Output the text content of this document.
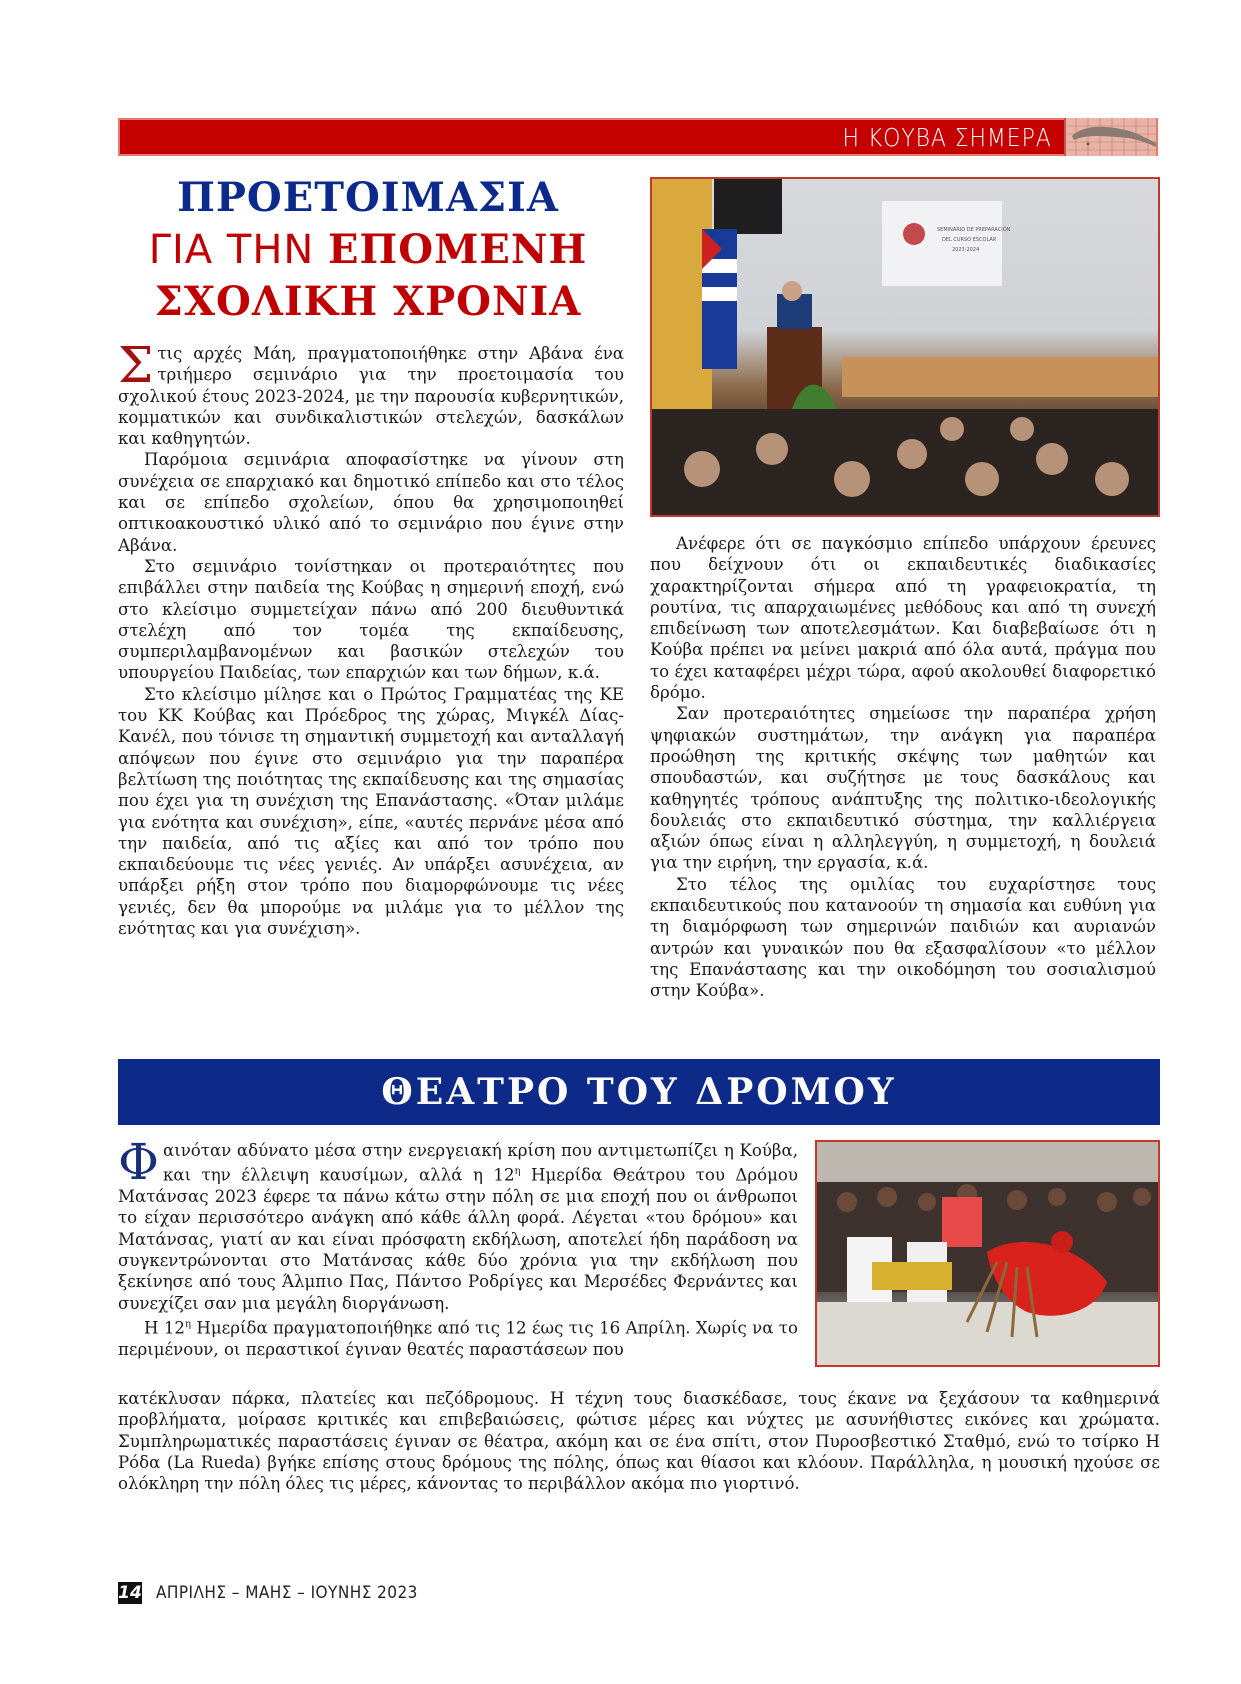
Η ΚΟΥΒΑ ΣΗΜΕΡΑ
ΠΡΟΕΤΟΙΜΑΣΙΑ
ΓΙΑ ΤΗΝ ΕΠΟΜΕΝΗ
ΣΧΟΛΙΚΗ ΧΡΟΝΙΑ
SEMINARIO DE PREPARACIÓN
DEL CURSO ESCOLAR
2023-2024

Στις αρχές Μάη, πραγματοποιήθηκε στην Αβάνα ένα τριήμερο σεμινάριο για την προετοιμασία του σχολικού έτους 2023-2024, με την παρουσία κυβερνητικών, κομματικών και συνδικαλιστικών στελεχών, δασκάλων και καθηγητών.

Παρόμοια σεμινάρια αποφασίστηκε να γίνουν στη συνέχεια σε επαρχιακό και δημοτικό επίπεδο και στο τέλος και σε επίπεδο σχολείων, όπου θα χρησιμοποιηθεί οπτικοακουστικό υλικό από το σεμινάριο που έγινε στην Αβάνα.

Στο σεμινάριο τονίστηκαν οι προτεραιότητες που επιβάλλει στην παιδεία της Κούβας η σημερινή εποχή, ενώ στο κλείσιμο συμμετείχαν πάνω από 200 διευθυντικά στελέχη από τον τομέα της εκπαίδευσης, συμπεριλαμβανομένων και βασικών στελεχών του υπουργείου Παιδείας, των επαρχιών και των δήμων, κ.ά.

Στο κλείσιμο μίλησε και ο Πρώτος Γραμματέας της ΚΕ του ΚΚ Κούβας και Πρόεδρος της χώρας, Μιγκέλ Δίας-Κανέλ, που τόνισε τη σημαντική συμμετοχή και ανταλλαγή απόψεων που έγινε στο σεμινάριο για την παραπέρα βελτίωση της ποιότητας της εκπαίδευσης και της σημασίας που έχει για τη συνέχιση της Επανάστασης. «Όταν μιλάμε για ενότητα και συνέχιση», είπε, «αυτές περνάνε μέσα από την παιδεία, από τις αξίες και από τον τρόπο που εκπαιδεύουμε τις νέες γενιές. Αν υπάρξει ασυνέχεια, αν υπάρξει ρήξη στον τρόπο που διαμορφώνουμε τις νέες γενιές, δεν θα μπορούμε να μιλάμε για το μέλλον της ενότητας και για συνέχιση».

Ανέφερε ότι σε παγκόσμιο επίπεδο υπάρχουν έρευνες που δείχνουν ότι οι εκπαιδευτικές διαδικασίες χαρακτηρίζονται σήμερα από τη γραφειοκρατία, τη ρουτίνα, τις απαρχαιωμένες μεθόδους και από τη συνεχή επιδείνωση των αποτελεσμάτων. Και διαβεβαίωσε ότι η Κούβα πρέπει να μείνει μακριά από όλα αυτά, πράγμα που το έχει καταφέρει μέχρι τώρα, αφού ακολουθεί διαφορετικό δρόμο.

Σαν προτεραιότητες σημείωσε την παραπέρα χρήση ψηφιακών συστημάτων, την ανάγκη για παραπέρα προώθηση της κριτικής σκέψης των μαθητών και σπουδαστών, και συζήτησε με τους δασκάλους και καθηγητές τρόπους ανάπτυξης της πολιτικο-ιδεολογικής δουλειάς στο εκπαιδευτικό σύστημα, την καλλιέργεια αξιών όπως είναι η αλληλεγγύη, η συμμετοχή, η δουλειά για την ειρήνη, την εργασία, κ.ά.

Στο τέλος της ομιλίας του ευχαρίστησε τους εκπαιδευτικούς που κατανοούν τη σημασία και ευθύνη για τη διαμόρφωση των σημερινών παιδιών και αυριανών αντρών και γυναικών που θα εξασφαλίσουν «το μέλλον της Επανάστασης και την οικοδόμηση του σοσιαλισμού στην Κούβα».

ΘΕΑΤΡΟ ΤΟΥ ΔΡΟΜΟΥ

Φαινόταν αδύνατο μέσα στην ενεργειακή κρίση που αντιμετωπίζει η Κούβα, και την έλλειψη καυσίμων, αλλά η $12^\eta$ Ημερίδα Θεάτρου του Δρόμου Ματάνσας 2023 έφερε τα πάνω κάτω στην πόλη σε μια εποχή που οι άνθρωποι το είχαν περισσότερο ανάγκη από κάθε άλλη φορά. Λέγεται «του δρόμου» και Ματάνσας, γιατί αν και είναι πρόσφατη εκδήλωση, αποτελεί ήδη παράδοση να συγκεντρώνονται στο Ματάνσας κάθε δύο χρόνια για την εκδήλωση που ξεκίνησε από τους Άλμπιο Πας, Πάντσο Ροδρίγες και Μερσέδες Φερνάντες και συνεχίζει σαν μια μεγάλη διοργάνωση.

Η $12^\eta$ Ημερίδα πραγματοποιήθηκε από τις 12 έως τις 16 Απρίλη. Χωρίς να το περιμένουν, οι περαστικοί έγιναν θεατές παραστάσεων που

κατέκλυσαν πάρκα, πλατείες και πεζόδρομους. Η τέχνη τους διασκέδασε, τους έκανε να ξεχάσουν τα καθημερινά προβλήματα, μοίρασε κριτικές και επιβεβαιώσεις, φώτισε μέρες και νύχτες με ασυνήθιστες εικόνες και χρώματα. Συμπληρωματικές παραστάσεις έγιναν σε θέατρα, ακόμη και σε ένα σπίτι, στον Πυροσβεστικό Σταθμό, ενώ το τσίρκο Η Ρόδα (La Rueda) βγήκε επίσης στους δρόμους της πόλης, όπως και θίασοι και κλόουν. Παράλληλα, η μουσική ηχούσε σε ολόκληρη την πόλη όλες τις μέρες, κάνοντας το περιβάλλον ακόμα πιο γιορτινό.

14 ΑΠΡΙΛΗΣ – ΜΑΗΣ – ΙΟΥΝΗΣ 2023
